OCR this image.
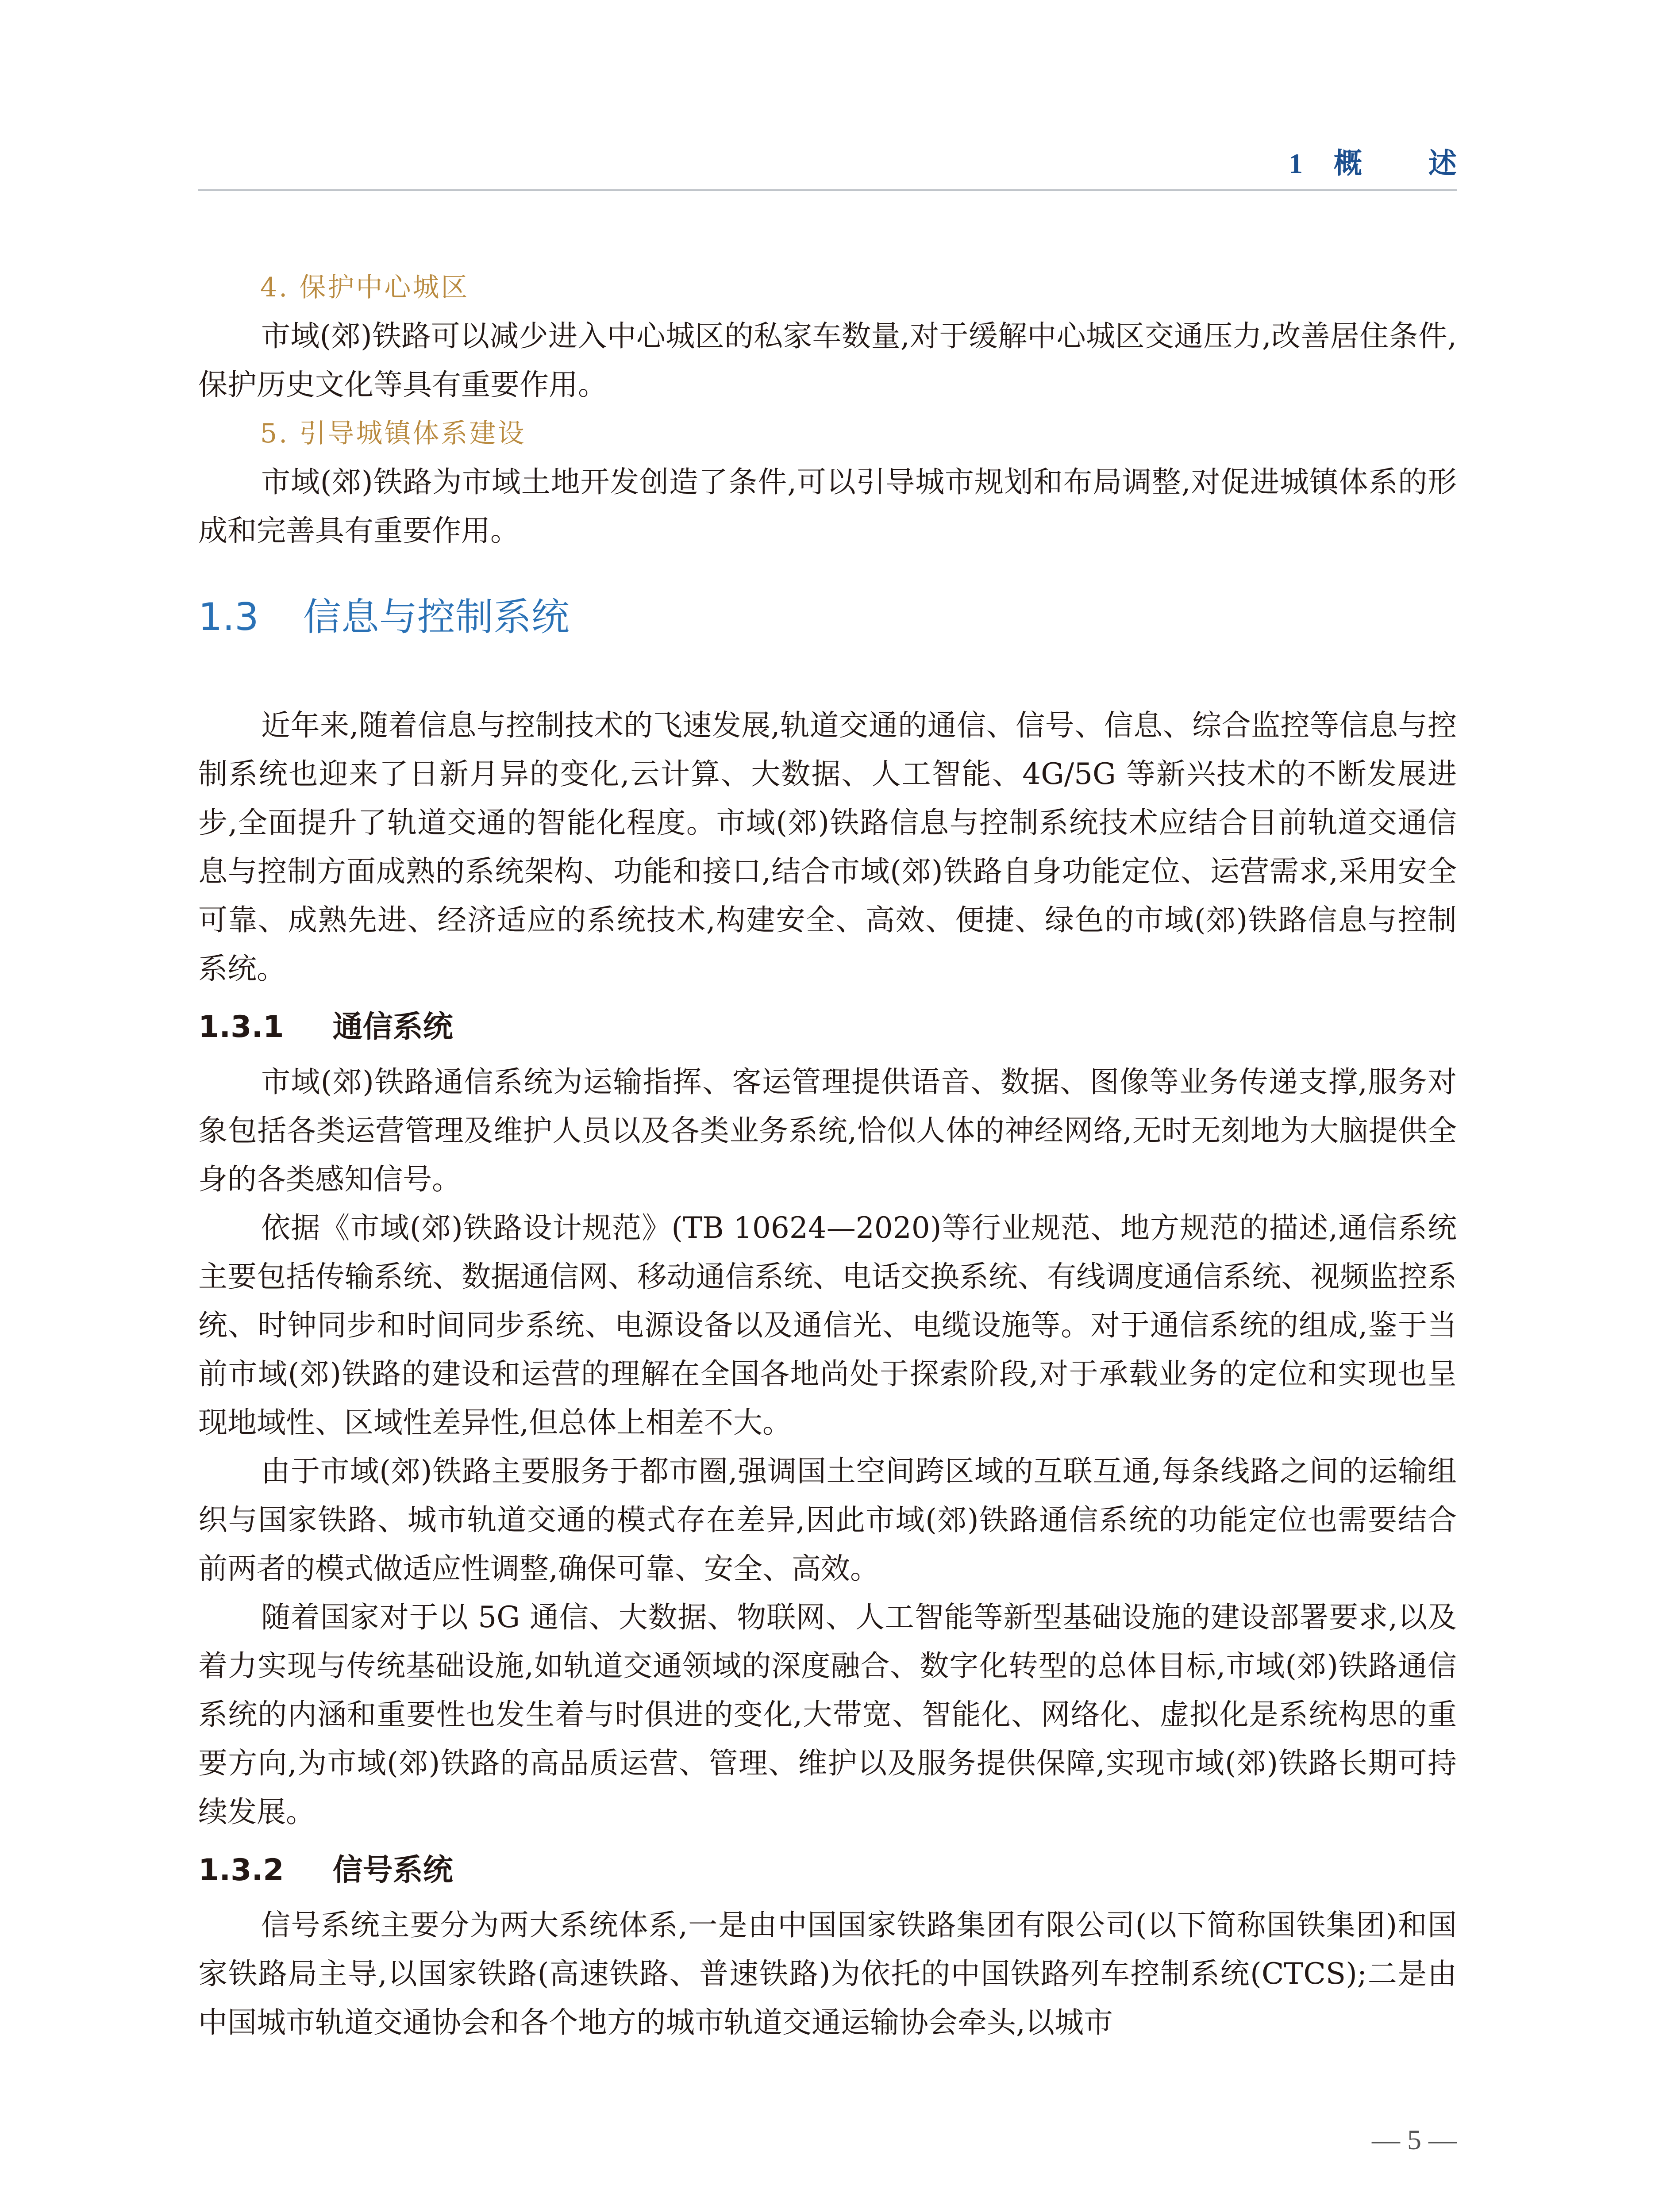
1 概 述
4. 保护中心城区

市域(郊)铁路可以减少进入中心城区的私家车数量,对于缓解中心城区交通压力,改善居住条件,保护历史文化等具有重要作用。

5. 引导城镇体系建设

市域(郊)铁路为市域土地开发创造了条件,可以引导城市规划和布局调整,对促进城镇体系的形成和完善具有重要作用。

1.3 信息与控制系统

近年来,随着信息与控制技术的飞速发展,轨道交通的通信、信号、信息、综合监控等信息与控制系统也迎来了日新月异的变化,云计算、大数据、人工智能、4G/5G 等新兴技术的不断发展进步,全面提升了轨道交通的智能化程度。市域(郊)铁路信息与控制系统技术应结合目前轨道交通信息与控制方面成熟的系统架构、功能和接口,结合市域(郊)铁路自身功能定位、运营需求,采用安全可靠、成熟先进、经济适应的系统技术,构建安全、高效、便捷、绿色的市域(郊)铁路信息与控制系统。

1.3.1 通信系统

市域(郊)铁路通信系统为运输指挥、客运管理提供语音、数据、图像等业务传递支撑,服务对象包括各类运营管理及维护人员以及各类业务系统,恰似人体的神经网络,无时无刻地为大脑提供全身的各类感知信号。

依据《市域(郊)铁路设计规范》(TB 10624—2020)等行业规范、地方规范的描述,通信系统主要包括传输系统、数据通信网、移动通信系统、电话交换系统、有线调度通信系统、视频监控系统、时钟同步和时间同步系统、电源设备以及通信光、电缆设施等。对于通信系统的组成,鉴于当前市域(郊)铁路的建设和运营的理解在全国各地尚处于探索阶段,对于承载业务的定位和实现也呈现地域性、区域性差异性,但总体上相差不大。

由于市域(郊)铁路主要服务于都市圈,强调国土空间跨区域的互联互通,每条线路之间的运输组织与国家铁路、城市轨道交通的模式存在差异,因此市域(郊)铁路通信系统的功能定位也需要结合前两者的模式做适应性调整,确保可靠、安全、高效。

随着国家对于以 5G 通信、大数据、物联网、人工智能等新型基础设施的建设部署要求,以及着力实现与传统基础设施,如轨道交通领域的深度融合、数字化转型的总体目标,市域(郊)铁路通信系统的内涵和重要性也发生着与时俱进的变化,大带宽、智能化、网络化、虚拟化是系统构思的重要方向,为市域(郊)铁路的高品质运营、管理、维护以及服务提供保障,实现市域(郊)铁路长期可持续发展。

1.3.2 信号系统

信号系统主要分为两大系统体系,一是由中国国家铁路集团有限公司(以下简称国铁集团)和国家铁路局主导,以国家铁路(高速铁路、普速铁路)为依托的中国铁路列车控制系统(CTCS);二是由中国城市轨道交通协会和各个地方的城市轨道交通运输协会牵头,以城市

— 5 —
